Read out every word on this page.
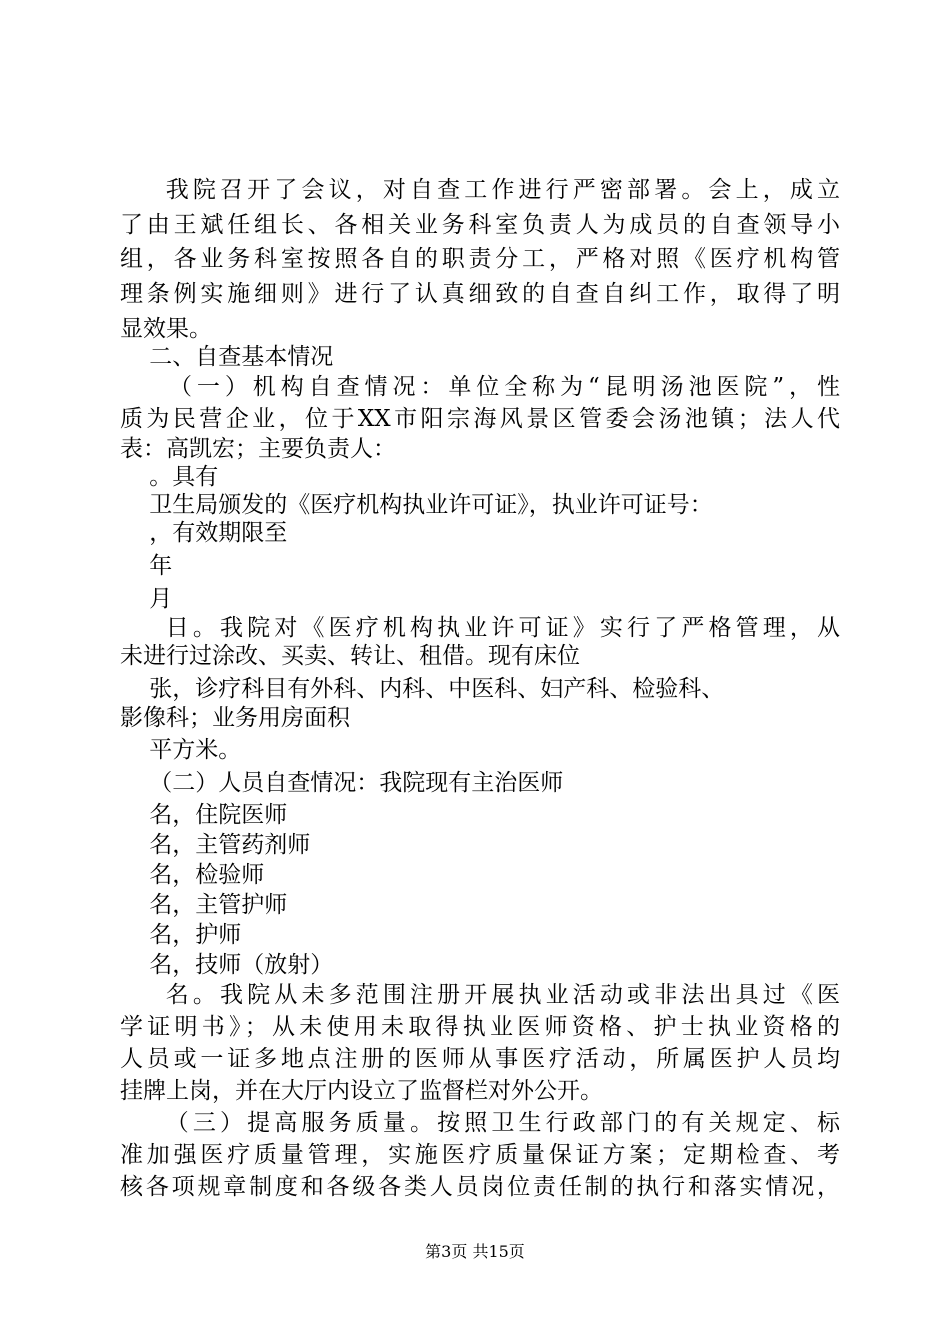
我院召开了会议，对自查工作进行严密部署。会上，成立
了由王斌任组长、各相关业务科室负责人为成员的自查领导小
组，各业务科室按照各自的职责分工，严格对照《医疗机构管
理条例实施细则》进行了认真细致的自查自纠工作，取得了明
显效果。
二、自查基本情况
（一）机构自查情况：单位全称为“昆明汤池医院”，性
质为民营企业，位于XX市阳宗海风景区管委会汤池镇；法人代
表：高凯宏；主要负责人：
。具有
卫生局颁发的《医疗机构执业许可证》，执业许可证号：
，有效期限至
年
月
日。我院对《医疗机构执业许可证》实行了严格管理，从
未进行过涂改、买卖、转让、租借。现有床位
张，诊疗科目有外科、内科、中医科、妇产科、检验科、
影像科；业务用房面积
平方米。
（二）人员自查情况：我院现有主治医师
名，住院医师
名，主管药剂师
名，检验师
名，主管护师
名，护师
名，技师（放射）
名。我院从未多范围注册开展执业活动或非法出具过《医
学证明书》；从未使用未取得执业医师资格、护士执业资格的
人员或一证多地点注册的医师从事医疗活动，所属医护人员均
挂牌上岗，并在大厅内设立了监督栏对外公开。
（三）提高服务质量。按照卫生行政部门的有关规定、标
准加强医疗质量管理，实施医疗质量保证方案；定期检查、考
核各项规章制度和各级各类人员岗位责任制的执行和落实情况，
第3页 共15页
